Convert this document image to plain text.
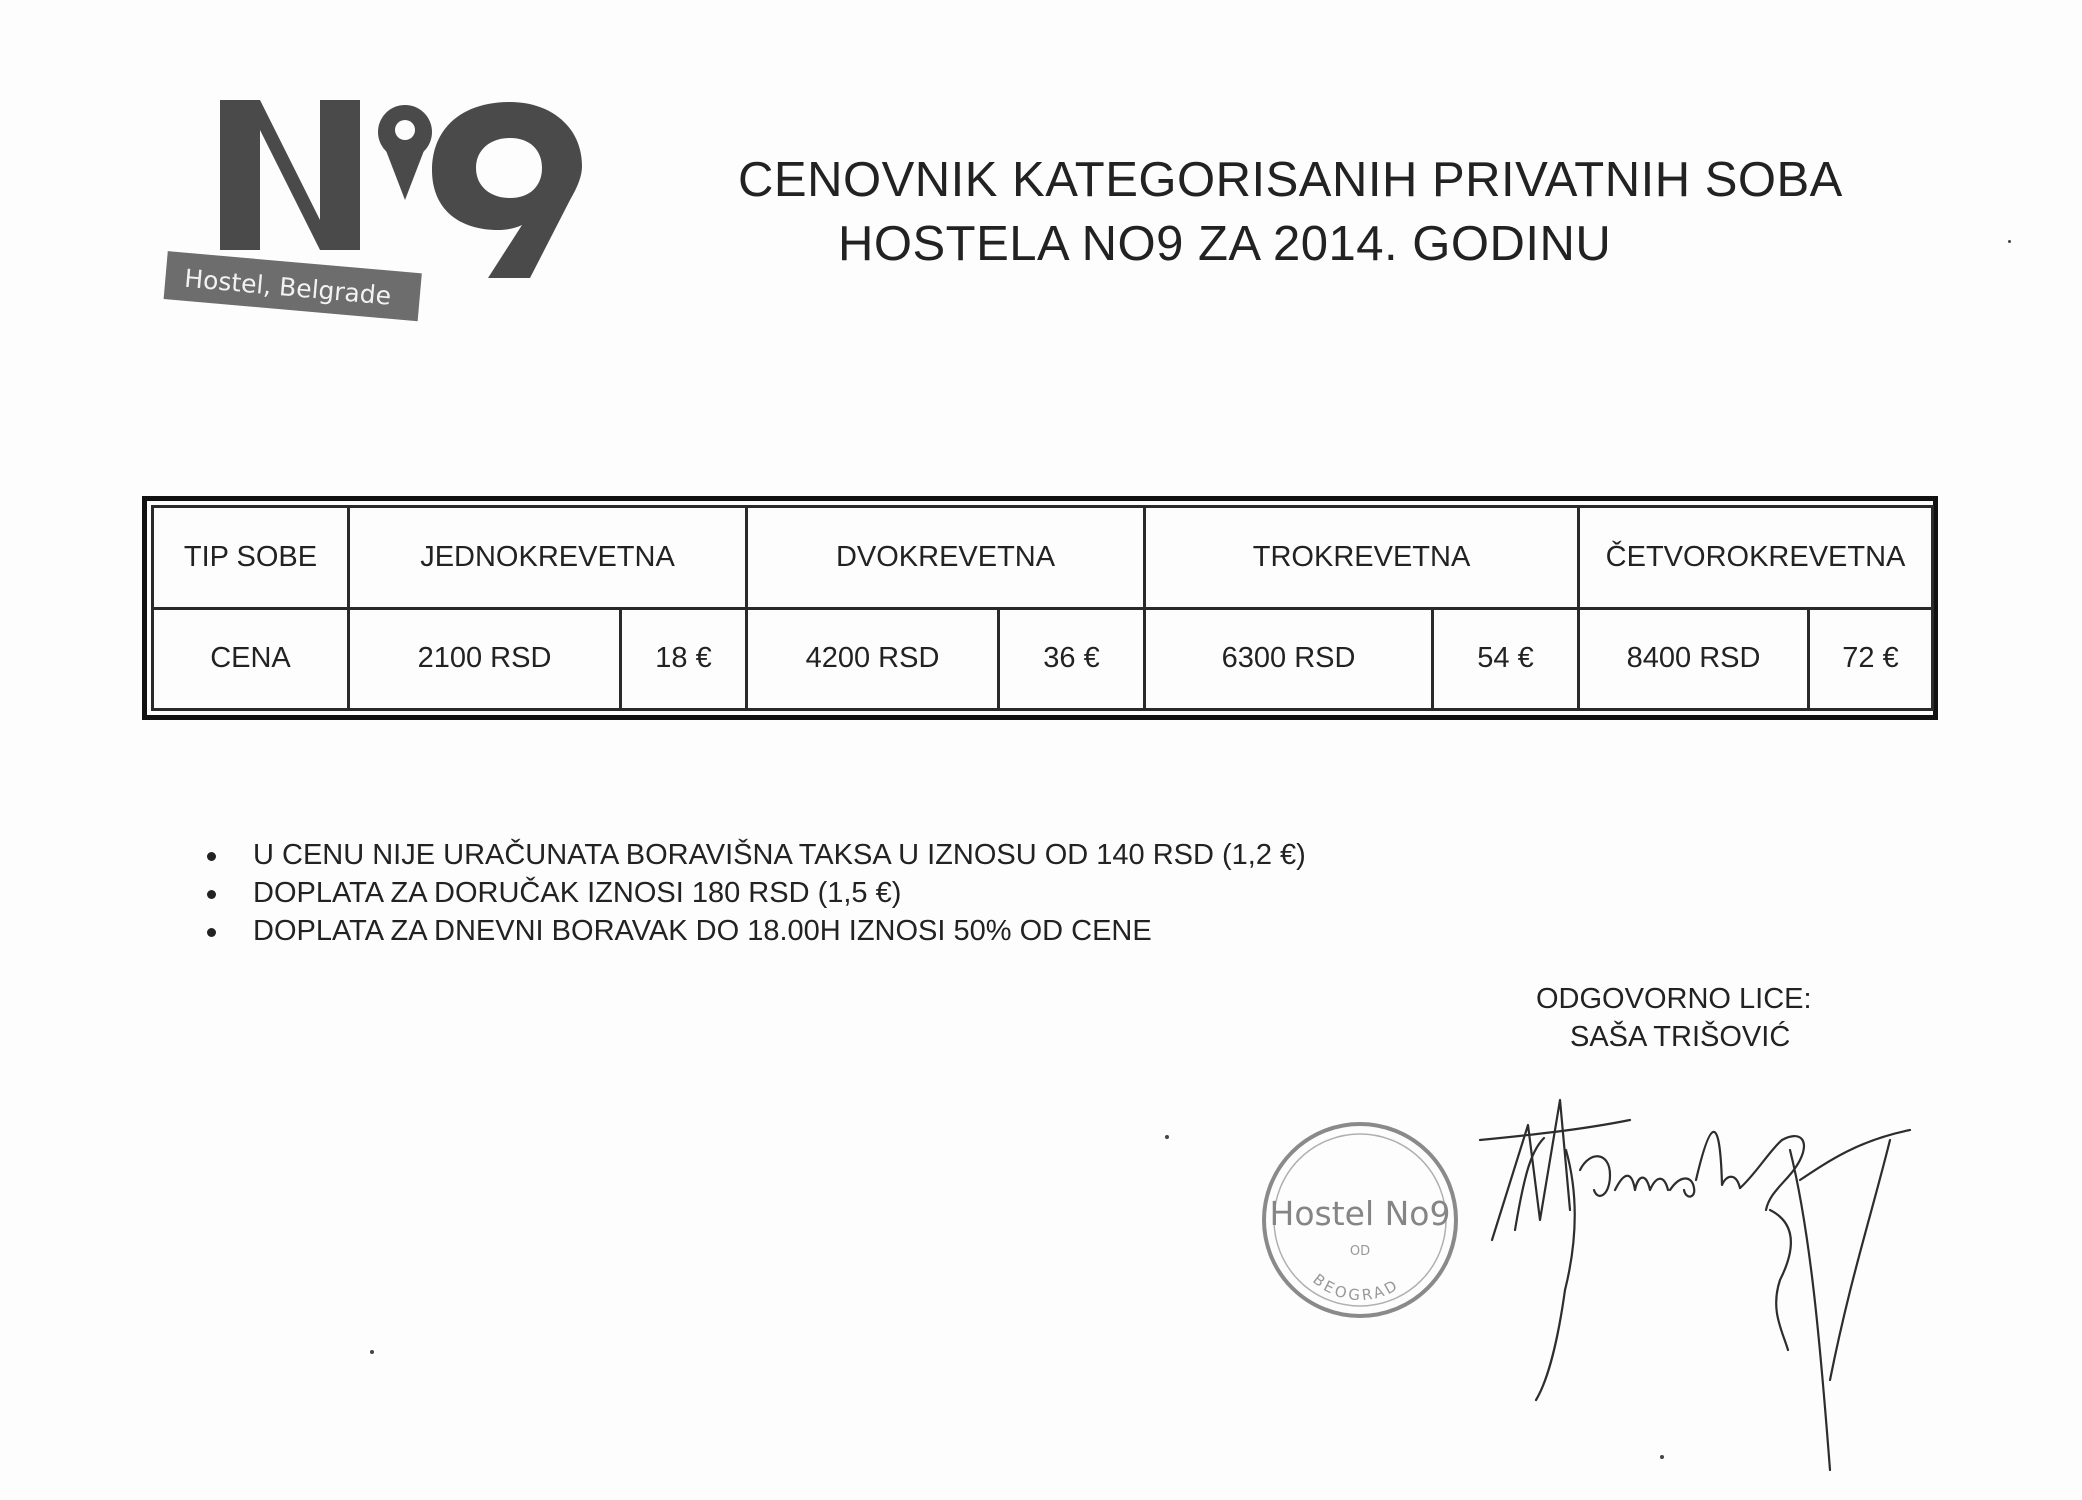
Hostel, Belgrade
CENOVNIK KATEGORISANIH PRIVATNIH SOBA
HOSTELA NO9 ZA 2014. GODINU
TIP SOBE	JEDNOKREVETNA		DVOKREVETNA		TROKREVETNA		ČETVOROKREVETNA	
CENA	2100 RSD	18 €	4200 RSD	36 €	6300 RSD	54 €	8400 RSD	72 €
U CENU NIJE URAČUNATA BORAVIŠNA TAKSA U IZNOSU OD 140 RSD (1,2 €)
DOPLATA ZA DORUČAK IZNOSI 180 RSD (1,5 €)
DOPLATA ZA DNEVNI BORAVAK DO 18.00H IZNOSI 50% OD CENE
ODGOVORNO LICE:
SAŠA TRIŠOVIĆ
Hostel No9
OD
BEOGRAD
